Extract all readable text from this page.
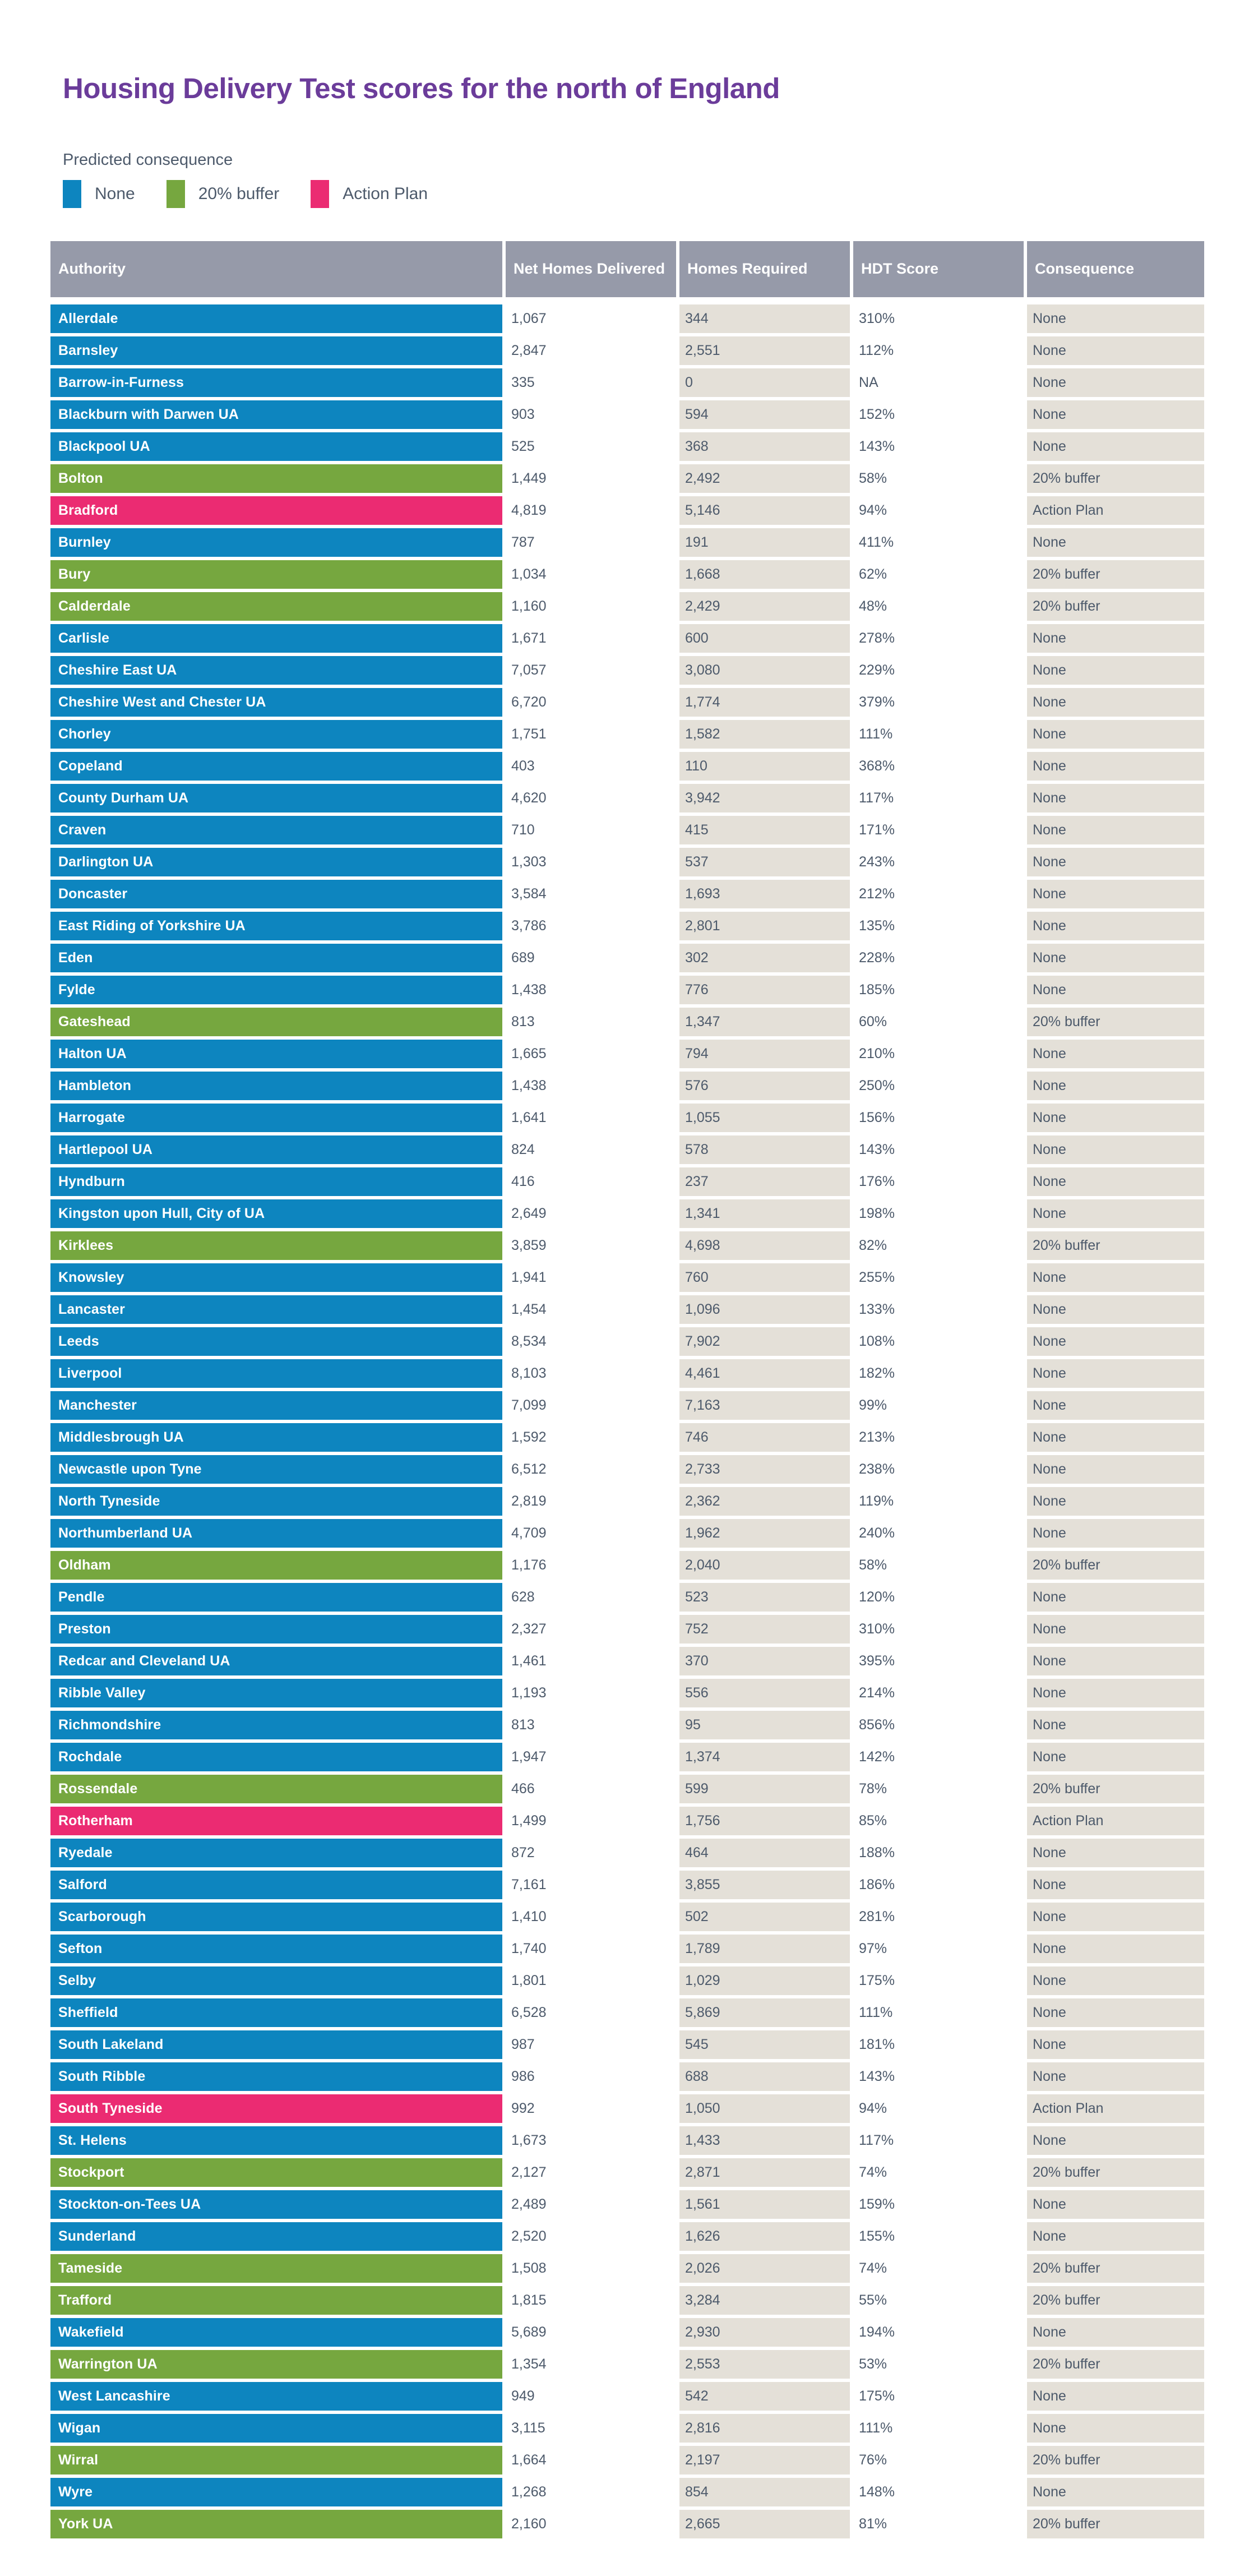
Housing Delivery Test scores for the north of England
Predicted consequence
None	20% buffer	Action Plan
Authority	Net Homes Delivered	Homes Required	HDT Score	Consequence
Allerdale	1,067	344	310%	None
Barnsley	2,847	2,551	112%	None
Barrow-in-Furness	335	0	NA	None
Blackburn with Darwen UA	903	594	152%	None
Blackpool UA	525	368	143%	None
Bolton	1,449	2,492	58%	20% buffer
Bradford	4,819	5,146	94%	Action Plan
Burnley	787	191	411%	None
Bury	1,034	1,668	62%	20% buffer
Calderdale	1,160	2,429	48%	20% buffer
Carlisle	1,671	600	278%	None
Cheshire East UA	7,057	3,080	229%	None
Cheshire West and Chester UA	6,720	1,774	379%	None
Chorley	1,751	1,582	111%	None
Copeland	403	110	368%	None
County Durham UA	4,620	3,942	117%	None
Craven	710	415	171%	None
Darlington UA	1,303	537	243%	None
Doncaster	3,584	1,693	212%	None
East Riding of Yorkshire UA	3,786	2,801	135%	None
Eden	689	302	228%	None
Fylde	1,438	776	185%	None
Gateshead	813	1,347	60%	20% buffer
Halton UA	1,665	794	210%	None
Hambleton	1,438	576	250%	None
Harrogate	1,641	1,055	156%	None
Hartlepool UA	824	578	143%	None
Hyndburn	416	237	176%	None
Kingston upon Hull, City of UA	2,649	1,341	198%	None
Kirklees	3,859	4,698	82%	20% buffer
Knowsley	1,941	760	255%	None
Lancaster	1,454	1,096	133%	None
Leeds	8,534	7,902	108%	None
Liverpool	8,103	4,461	182%	None
Manchester	7,099	7,163	99%	None
Middlesbrough UA	1,592	746	213%	None
Newcastle upon Tyne	6,512	2,733	238%	None
North Tyneside	2,819	2,362	119%	None
Northumberland UA	4,709	1,962	240%	None
Oldham	1,176	2,040	58%	20% buffer
Pendle	628	523	120%	None
Preston	2,327	752	310%	None
Redcar and Cleveland UA	1,461	370	395%	None
Ribble Valley	1,193	556	214%	None
Richmondshire	813	95	856%	None
Rochdale	1,947	1,374	142%	None
Rossendale	466	599	78%	20% buffer
Rotherham	1,499	1,756	85%	Action Plan
Ryedale	872	464	188%	None
Salford	7,161	3,855	186%	None
Scarborough	1,410	502	281%	None
Sefton	1,740	1,789	97%	None
Selby	1,801	1,029	175%	None
Sheffield	6,528	5,869	111%	None
South Lakeland	987	545	181%	None
South Ribble	986	688	143%	None
South Tyneside	992	1,050	94%	Action Plan
St. Helens	1,673	1,433	117%	None
Stockport	2,127	2,871	74%	20% buffer
Stockton-on-Tees UA	2,489	1,561	159%	None
Sunderland	2,520	1,626	155%	None
Tameside	1,508	2,026	74%	20% buffer
Trafford	1,815	3,284	55%	20% buffer
Wakefield	5,689	2,930	194%	None
Warrington UA	1,354	2,553	53%	20% buffer
West Lancashire	949	542	175%	None
Wigan	3,115	2,816	111%	None
Wirral	1,664	2,197	76%	20% buffer
Wyre	1,268	854	148%	None
York UA	2,160	2,665	81%	20% buffer
